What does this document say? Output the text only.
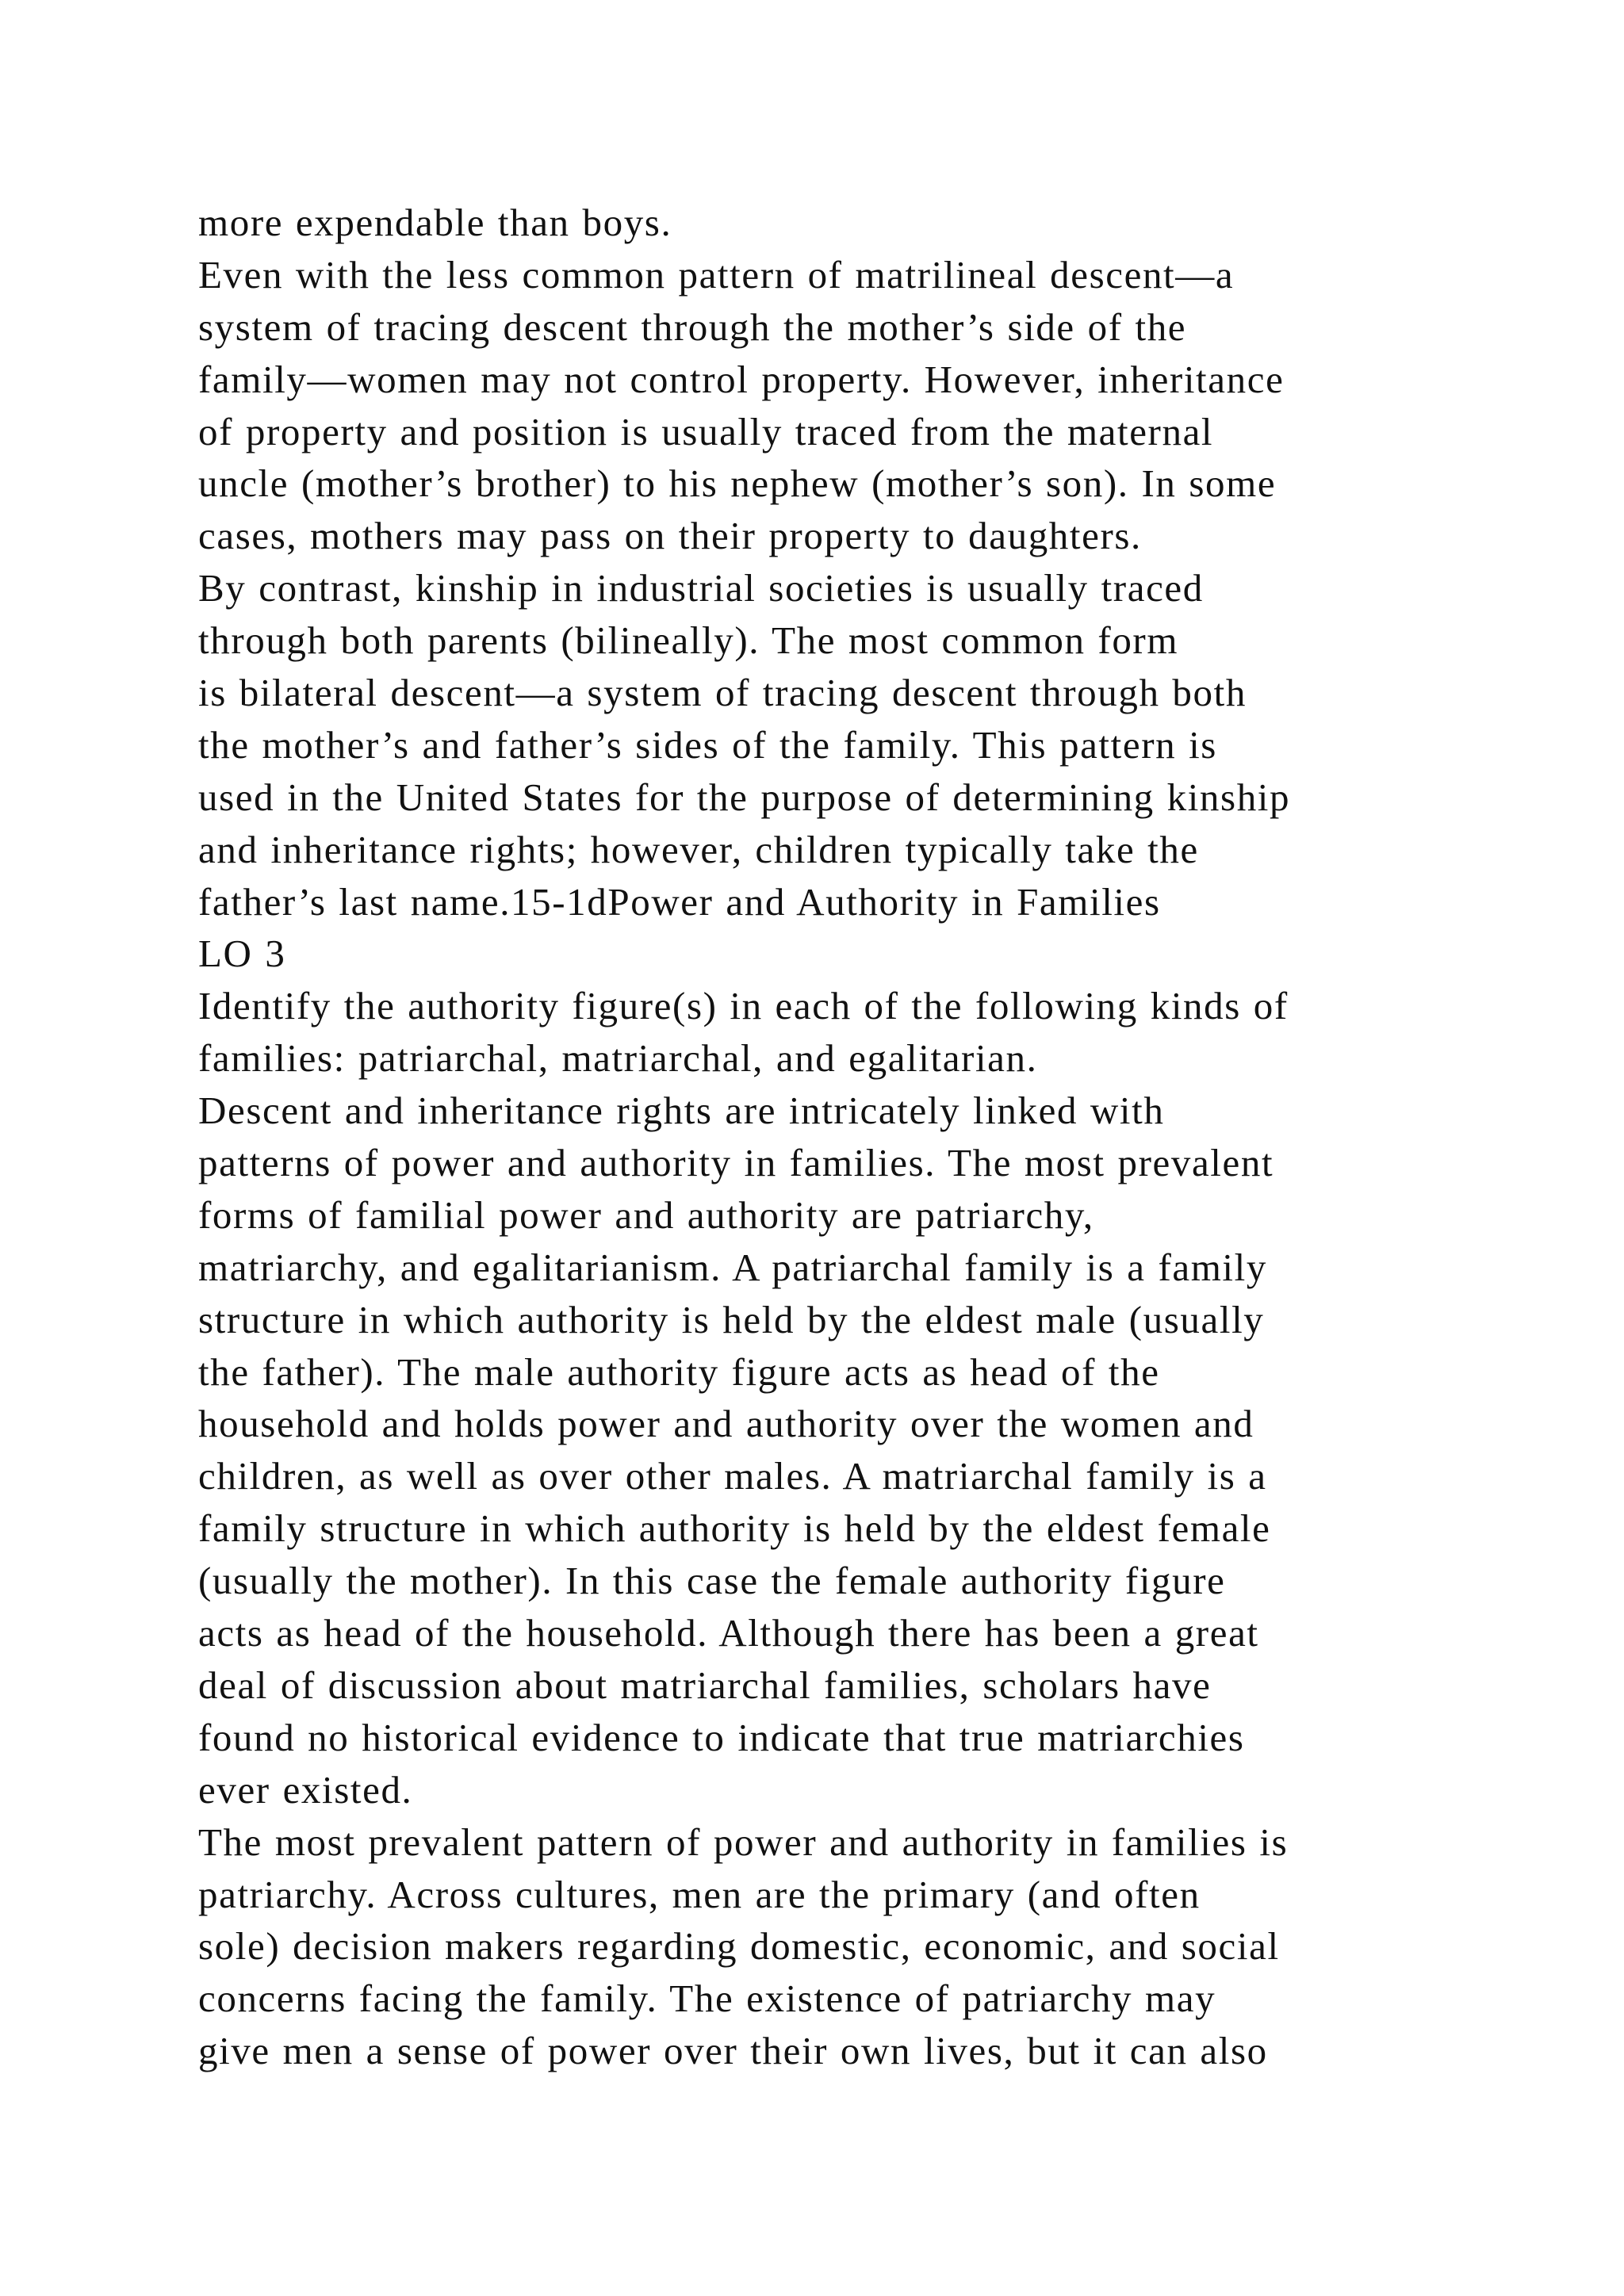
more expendable than boys.
Even with the less common pattern of matrilineal descent—a
system of tracing descent through the mother’s side of the
family—women may not control property. However, inheritance
of property and position is usually traced from the maternal
uncle (mother’s brother) to his nephew (mother’s son). In some
cases, mothers may pass on their property to daughters.
By contrast, kinship in industrial societies is usually traced
through both parents (bilineally). The most common form
is bilateral descent—a system of tracing descent through both
the mother’s and father’s sides of the family. This pattern is
used in the United States for the purpose of determining kinship
and inheritance rights; however, children typically take the
father’s last name.15-1dPower and Authority in Families
LO 3
Identify the authority figure(s) in each of the following kinds of
families: patriarchal, matriarchal, and egalitarian.
Descent and inheritance rights are intricately linked with
patterns of power and authority in families. The most prevalent
forms of familial power and authority are patriarchy,
matriarchy, and egalitarianism. A patriarchal family is a family
structure in which authority is held by the eldest male (usually
the father). The male authority figure acts as head of the
household and holds power and authority over the women and
children, as well as over other males. A matriarchal family is a
family structure in which authority is held by the eldest female
(usually the mother). In this case the female authority figure
acts as head of the household. Although there has been a great
deal of discussion about matriarchal families, scholars have
found no historical evidence to indicate that true matriarchies
ever existed.
The most prevalent pattern of power and authority in families is
patriarchy. Across cultures, men are the primary (and often
sole) decision makers regarding domestic, economic, and social
concerns facing the family. The existence of patriarchy may
give men a sense of power over their own lives, but it can also
